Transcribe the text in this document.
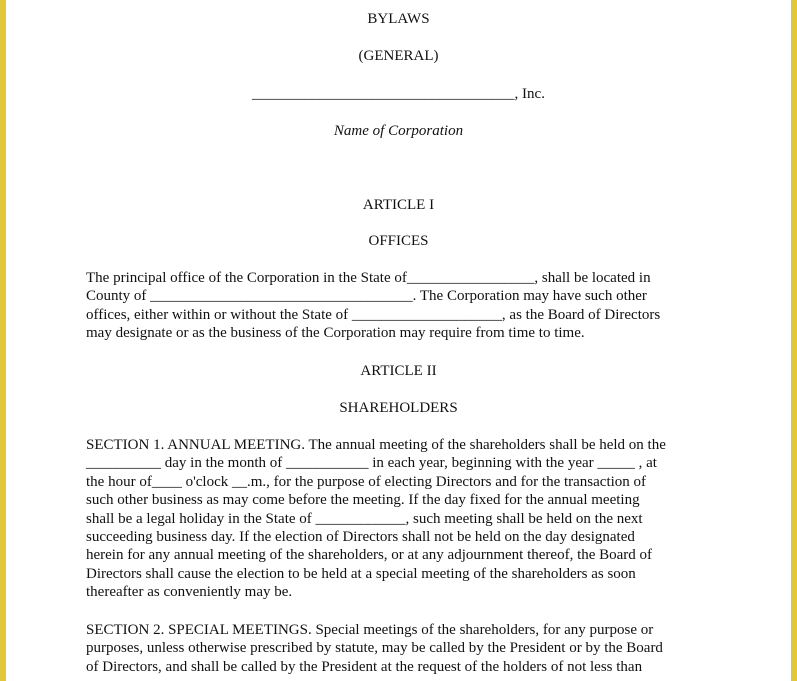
BYLAWS
(GENERAL)
___________________________________, Inc.
Name of Corporation
ARTICLE I
OFFICES
The principal office of the Corporation in the State of_________________, shall be located in
County of ___________________________________. The Corporation may have such other
offices, either within or without the State of ____________________, as the Board of Directors
may designate or as the business of the Corporation may require from time to time.
ARTICLE II
SHAREHOLDERS
SECTION 1. ANNUAL MEETING. The annual meeting of the shareholders shall be held on the
__________ day in the month of ___________ in each year, beginning with the year _____ , at
the hour of____ o'clock __.m., for the purpose of electing Directors and for the transaction of
such other business as may come before the meeting. If the day fixed for the annual meeting
shall be a legal holiday in the State of ____________, such meeting shall be held on the next
succeeding business day. If the election of Directors shall not be held on the day designated
herein for any annual meeting of the shareholders, or at any adjournment thereof, the Board of
Directors shall cause the election to be held at a special meeting of the shareholders as soon
thereafter as conveniently may be.
SECTION 2. SPECIAL MEETINGS. Special meetings of the shareholders, for any purpose or
purposes, unless otherwise prescribed by statute, may be called by the President or by the Board
of Directors, and shall be called by the President at the request of the holders of not less than
